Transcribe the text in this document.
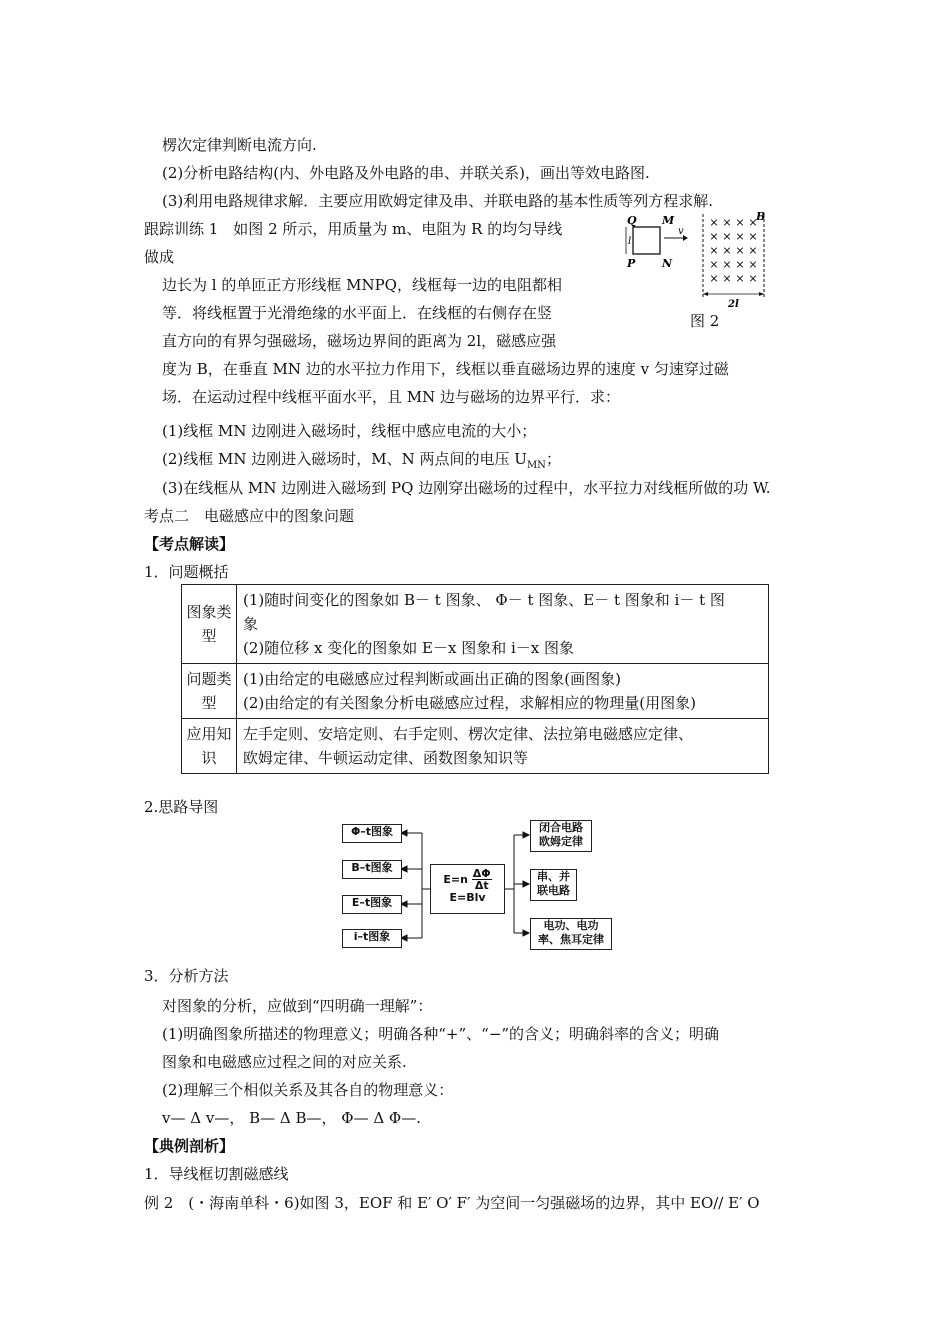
楞次定律判断电流方向.
(2)分析电路结构(内、外电路及外电路的串、并联关系)，画出等效电路图.
(3)利用电路规律求解．主要应用欧姆定律及串、并联电路的基本性质等列方程求解.
跟踪训练 1　如图 2 所示，用质量为 m、电阻为 R 的均匀导线
做成
边长为 l 的单匝正方形线框 MNPQ，线框每一边的电阻都相
等．将线框置于光滑绝缘的水平面上．在线框的右侧存在竖
直方向的有界匀强磁场，磁场边界间的距离为 2l，磁感应强
度为 B，在垂直 MN 边的水平拉力作用下，线框以垂直磁场边界的速度 v 匀速穿过磁
场．在运动过程中线框平面水平，且 MN 边与磁场的边界平行．求：
(1)线框 MN 边刚进入磁场时，线框中感应电流的大小；
(2)线框 MN 边刚进入磁场时，M、N 两点间的电压 $U_{MN}$；
(3)在线框从 MN 边刚进入磁场到 PQ 边刚穿出磁场的过程中，水平拉力对线框所做的功 W.
考点二　电磁感应中的图象问题
【考点解读】
1．问题概括
× × × ×
× × × ×
× × × ×
× × × ×
× × × ×
Q M
P N
l
v
B
2l
图 2
图象类型	(1)随时间变化的图象如 B－ t 图象、 Φ－ t 图象、E－ t 图象和 i－ t 图
象
(2)随位移 x 变化的图象如 E－x 图象和 i－x 图象

问题类型	(1)由给定的电磁感应过程判断或画出正确的图象(画图象)
(2)由给定的有关图象分析电磁感应过程，求解相应的物理量(用图象)

应用知识	左手定则、安培定则、右手定则、楞次定律、法拉第电磁感应定律、
欧姆定律、牛顿运动定律、函数图象知识等
2.思路导图
Φ–t图象
B–t图象
E–t图象
i–t图象
$E=n \frac{\Delta\Phi}{\Delta t}$
E=Blv
闭合电路
欧姆定律
串、并
联电路
电功、电功
率、焦耳定律
3．分析方法
对图象的分析，应做到“四明确一理解”：
(1)明确图象所描述的物理意义；明确各种“+”、“−”的含义；明确斜率的含义；明确
图象和电磁感应过程之间的对应关系.
(2)理解三个相似关系及其各自的物理意义：
v— Δ v—， B— Δ B—， Φ— Δ Φ—.
【典例剖析】
1．导线框切割磁感线
例 2　(・海南单科・6)如图 3，EOF 和 E′ O′ F′ 为空间一匀强磁场的边界，其中 EO// E′ O
